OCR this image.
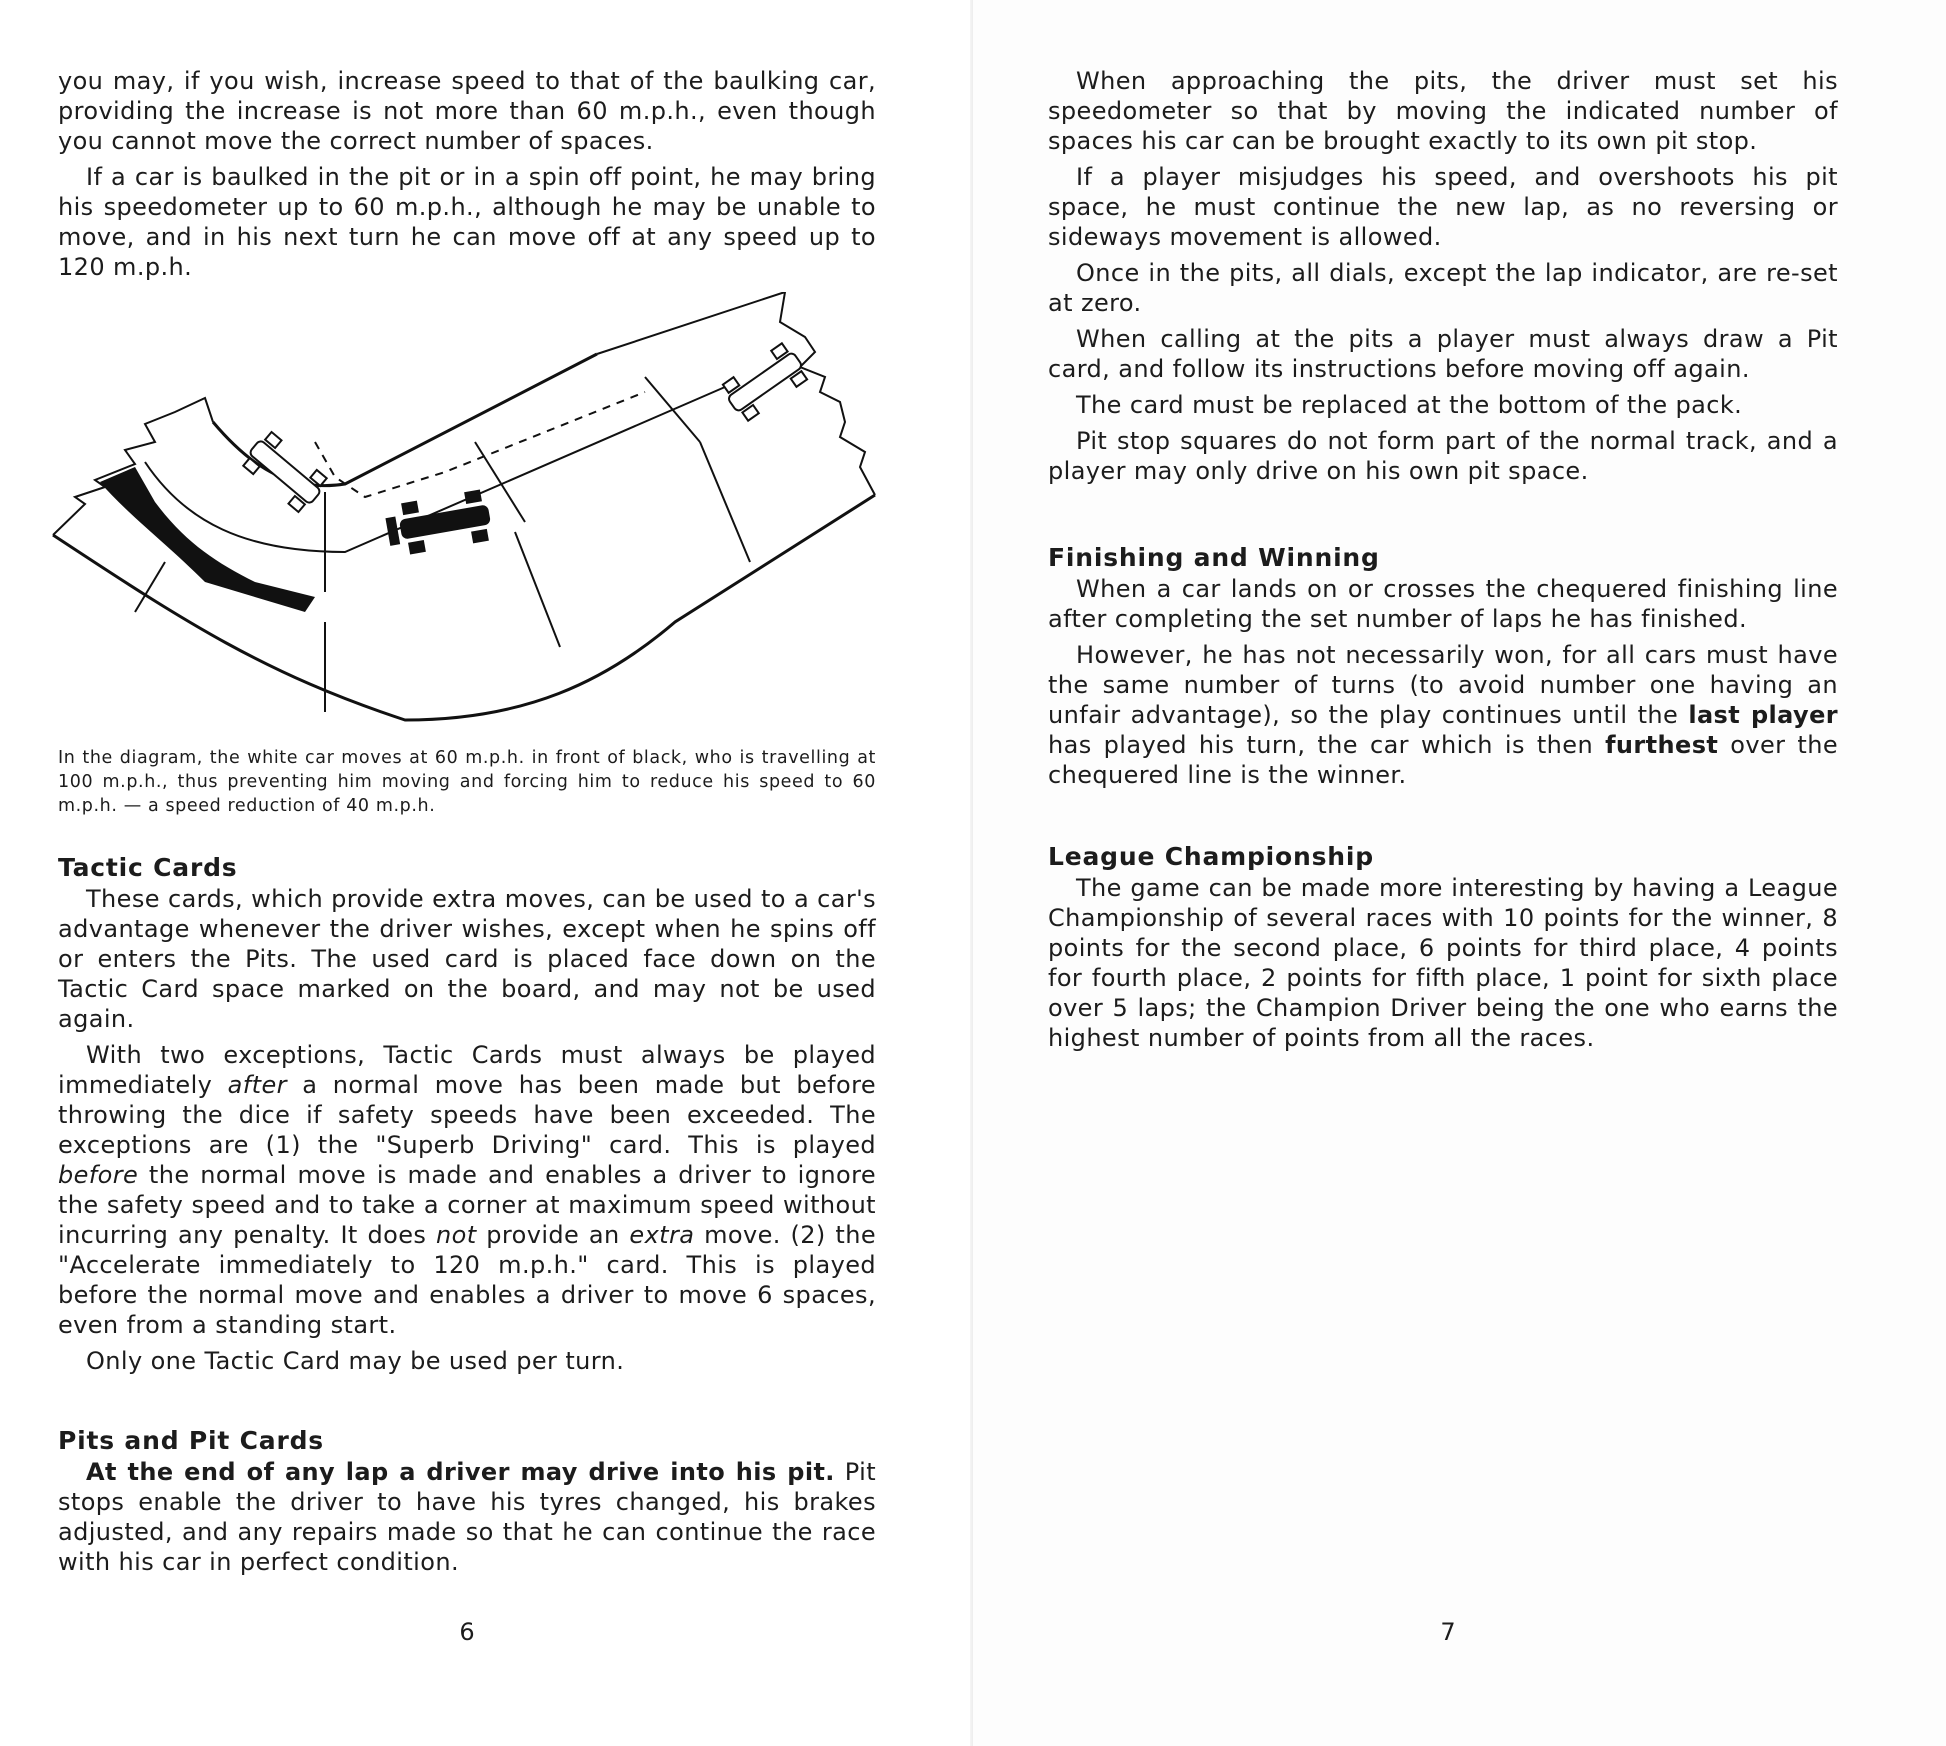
you may, if you wish, increase speed to that of the baulking car, providing the increase is not more than 60 m.p.h., even though you cannot move the correct number of spaces.

If a car is baulked in the pit or in a spin off point, he may bring his speedometer up to 60 m.p.h., although he may be unable to move, and in his next turn he can move off at any speed up to 120 m.p.h.

In the diagram, the white car moves at 60 m.p.h. in front of black, who is travelling at 100 m.p.h., thus preventing him moving and forcing him to reduce his speed to 60 m.p.h. — a speed reduction of 40 m.p.h.

Tactic Cards

These cards, which provide extra moves, can be used to a car's advantage whenever the driver wishes, except when he spins off or enters the Pits. The used card is placed face down on the Tactic Card space marked on the board, and may not be used again.

With two exceptions, Tactic Cards must always be played immediately after a normal move has been made but before throwing the dice if safety speeds have been exceeded. The exceptions are (1) the "Superb Driving" card. This is played before the normal move is made and enables a driver to ignore the safety speed and to take a corner at maximum speed without incurring any penalty. It does not provide an extra move. (2) the "Accelerate immediately to 120 m.p.h." card. This is played before the normal move and enables a driver to move 6 spaces, even from a standing start.

Only one Tactic Card may be used per turn.

Pits and Pit Cards

At the end of any lap a driver may drive into his pit. Pit stops enable the driver to have his tyres changed, his brakes adjusted, and any repairs made so that he can continue the race with his car in perfect condition.

6

When approaching the pits, the driver must set his speedometer so that by moving the indicated number of spaces his car can be brought exactly to its own pit stop.

If a player misjudges his speed, and overshoots his pit space, he must continue the new lap, as no reversing or sideways movement is allowed.

Once in the pits, all dials, except the lap indicator, are re-set at zero.

When calling at the pits a player must always draw a Pit card, and follow its instructions before moving off again.

The card must be replaced at the bottom of the pack.

Pit stop squares do not form part of the normal track, and a player may only drive on his own pit space.

Finishing and Winning

When a car lands on or crosses the chequered finishing line after completing the set number of laps he has finished.

However, he has not necessarily won, for all cars must have the same number of turns (to avoid number one having an unfair advantage), so the play continues until the last player has played his turn, the car which is then furthest over the chequered line is the winner.

League Championship

The game can be made more interesting by having a League Championship of several races with 10 points for the winner, 8 points for the second place, 6 points for third place, 4 points for fourth place, 2 points for fifth place, 1 point for sixth place over 5 laps; the Champion Driver being the one who earns the highest number of points from all the races.

7
